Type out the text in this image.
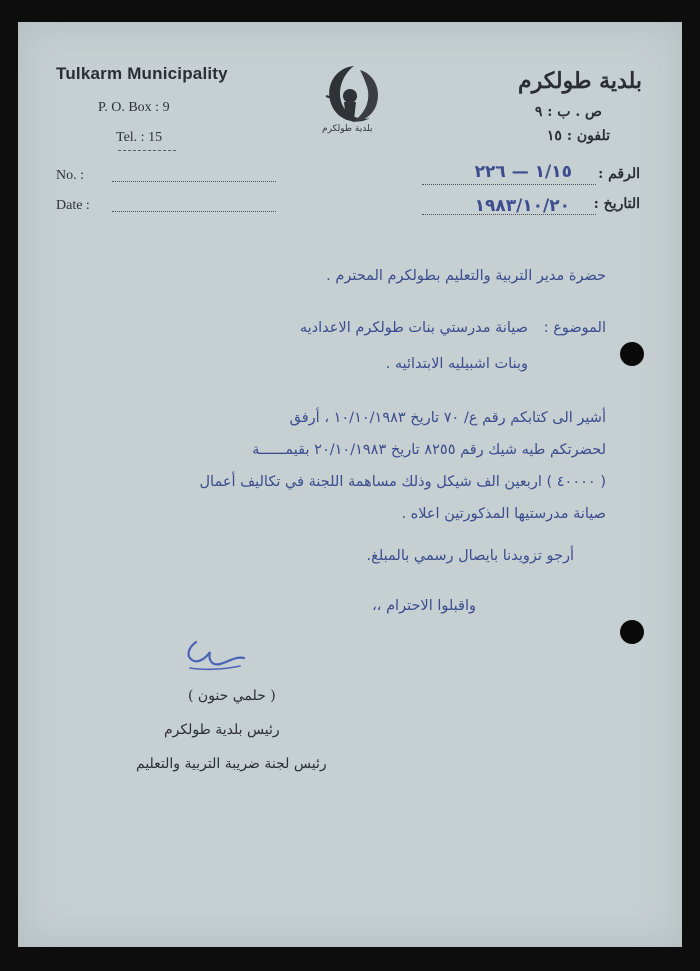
Tulkarm Municipality
P. O. Box : 9
Tel. : 15
بلدية طولكرم
بلدية طولكرم
ص . ب : ٩
تلفون : ١٥
No. :
Date :
الرقم :
١/١٥ — ٢٢٦
التاريخ :
١٩٨٣/١٠/٢٠
حضرة مدير التربية والتعليم بطولكرم المحترم .
الموضوع :
صيانة مدرستي بنات طولكرم الاعداديه
وبنات اشبيليه الابتدائيه .
أشير الى كتابكم رقم ع/ ٧٠ تاريخ ١٠/١٠/١٩٨٣ ، أرفق
لحضرتكم طيه شيك رقم ٨٢٥٥ تاريخ ٢٠/١٠/١٩٨٣ بقيمــــــة
( ٤٠٠٠٠ ) اربعين الف شيكل وذلك مساهمة اللجنة في تكاليف أعمال
صيانة مدرستيها المذكورتين اعلاه .
أرجو تزويدنا بايصال رسمي بالمبلغ.
واقبلوا الاحترام ،،
( حلمي حنون )
رئيس بلدية طولكرم
رئيس لجنة ضريبة التربية والتعليم
